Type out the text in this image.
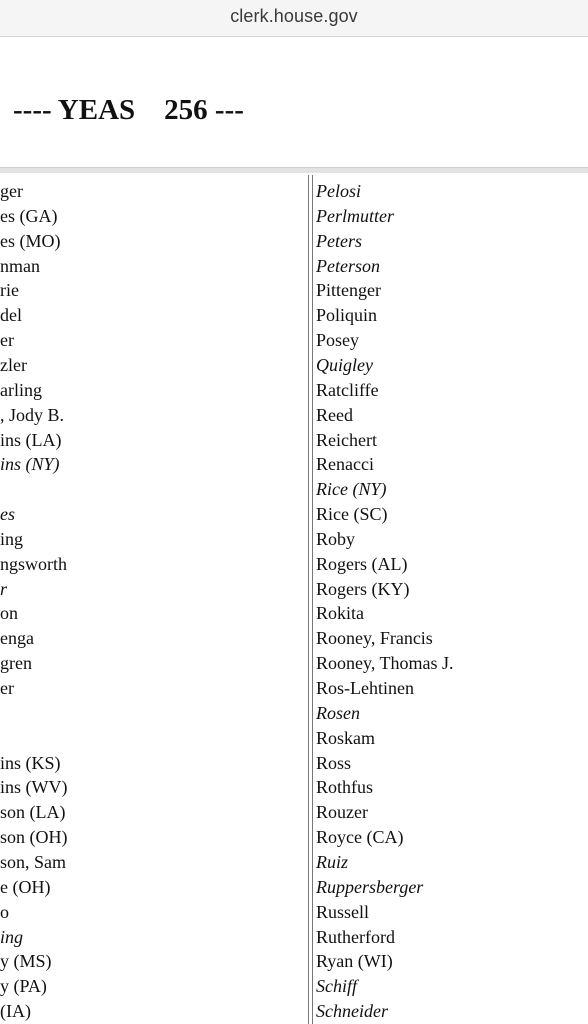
clerk.house.gov
---- YEAS    256 ---
ger
es (GA)
es (MO)
nman
rie
del
er
zler
arling
, Jody B.
ins (LA)
ins (NY)
es
ing
ngsworth
r
on
enga
gren
er
ins (KS)
ins (WV)
son (LA)
son (OH)
son, Sam
e (OH)
o
ing
y (MS)
y (PA)
(IA)
Pelosi
Perlmutter
Peters
Peterson
Pittenger
Poliquin
Posey
Quigley
Ratcliffe
Reed
Reichert
Renacci
Rice (NY)
Rice (SC)
Roby
Rogers (AL)
Rogers (KY)
Rokita
Rooney, Francis
Rooney, Thomas J.
Ros-Lehtinen
Rosen
Roskam
Ross
Rothfus
Rouzer
Royce (CA)
Ruiz
Ruppersberger
Russell
Rutherford
Ryan (WI)
Schiff
Schneider
